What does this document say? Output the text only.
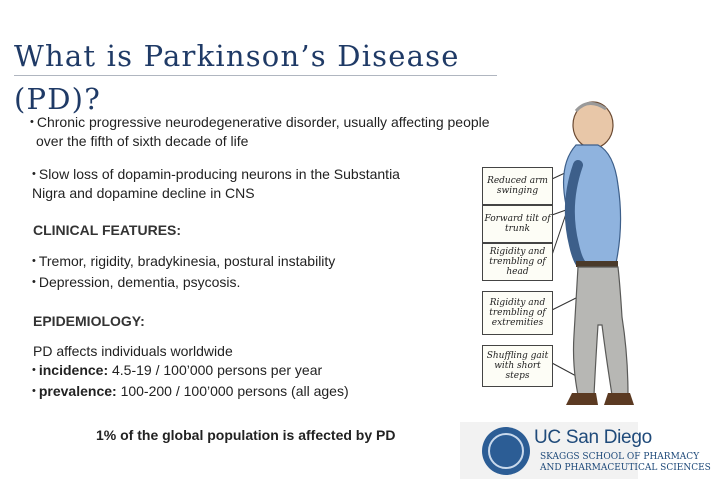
What is Parkinson’s Disease
(PD)?
• Chronic progressive neurodegenerative disorder, usually affecting people
over the fifth of sixth decade of life
• Slow loss of dopamin-producing neurons in the Substantia
Nigra and dopamine decline in CNS
CLINICAL FEATURES:
• Tremor, rigidity, bradykinesia, postural instability
• Depression, dementia, psycosis.
EPIDEMIOLOGY:
PD affects individuals worldwide
• incidence: 4.5-19 / 100’000 persons per year
• prevalence: 100-200 / 100’000 persons (all ages)
1% of the global population is affected by PD
Reduced arm swinging
Forward tilt of trunk
Rigidity and trembling of head
Rigidity and trembling of extremities
Shuffling gait with short steps
UC San Diego
SKAGGS SCHOOL OF PHARMACY
AND PHARMACEUTICAL SCIENCES
